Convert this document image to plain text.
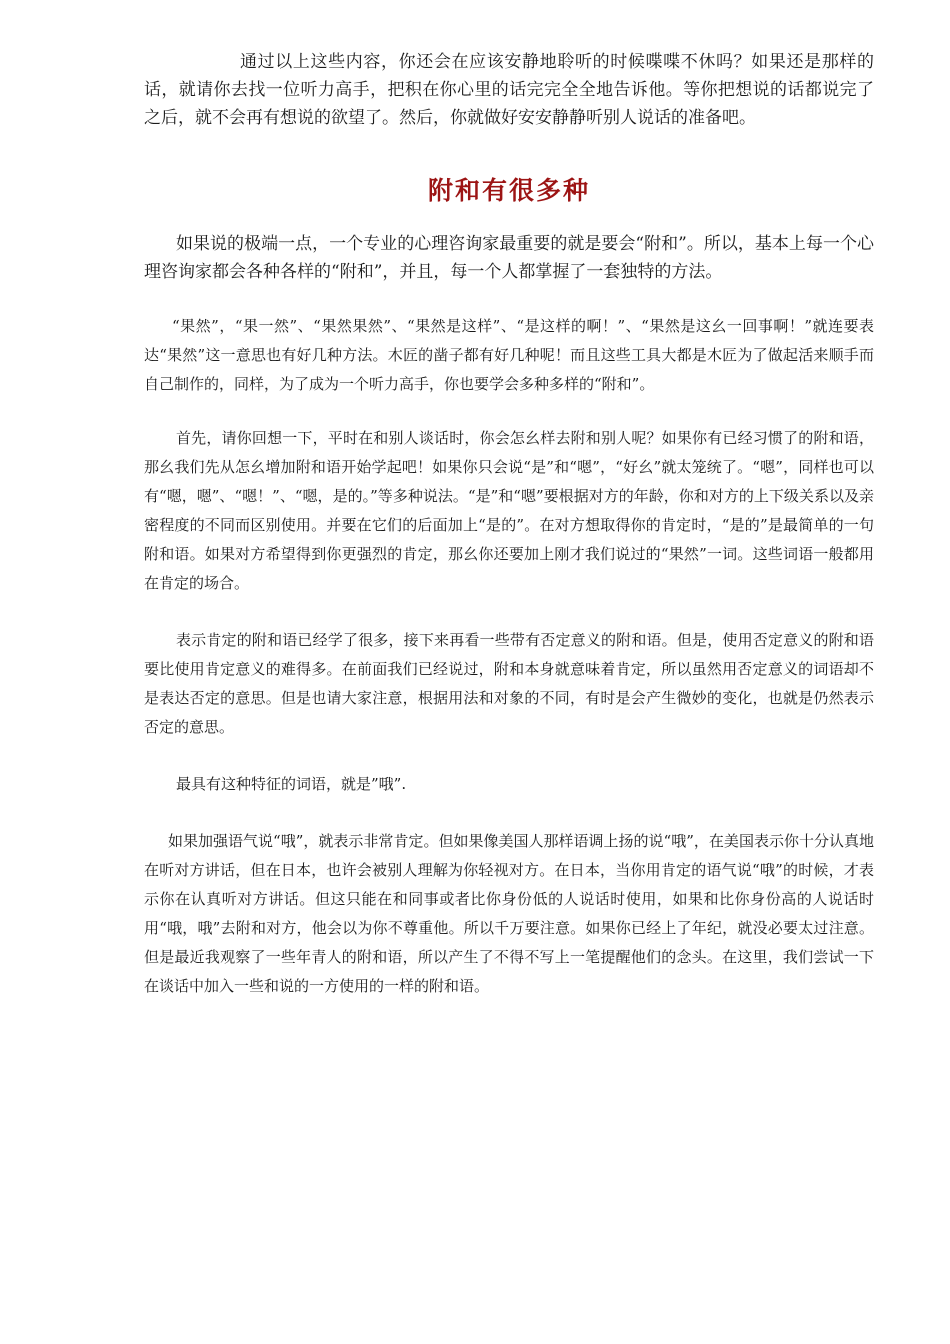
通过以上这些内容，你还会在应该安静地聆听的时候喋喋不休吗？如果还是那样的话，就请你去找一位听力高手，把积在你心里的话完完全全地告诉他。等你把想说的话都说完了之后，就不会再有想说的欲望了。然后，你就做好安安静静听别人说话的准备吧。

附和有很多种

如果说的极端一点，一个专业的心理咨询家最重要的就是要会“附和”。所以，基本上每一个心理咨询家都会各种各样的“附和”，并且，每一个人都掌握了一套独特的方法。

“果然”，“果一然”、“果然果然”、“果然是这样”、“是这样的啊！”、“果然是这幺一回事啊！”就连要表达“果然”这一意思也有好几种方法。木匠的凿子都有好几种呢！而且这些工具大都是木匠为了做起活来顺手而自己制作的，同样，为了成为一个听力高手，你也要学会多种多样的“附和”。

首先，请你回想一下，平时在和别人谈话时，你会怎幺样去附和别人呢？如果你有已经习惯了的附和语，那幺我们先从怎幺增加附和语开始学起吧！如果你只会说“是”和“嗯”，“好幺”就太笼统了。“嗯”，同样也可以有“嗯，嗯”、“嗯！”、“嗯，是的。”等多种说法。“是”和“嗯”要根据对方的年龄，你和对方的上下级关系以及亲密程度的不同而区别使用。并要在它们的后面加上“是的”。在对方想取得你的肯定时，“是的”是最简单的一句附和语。如果对方希望得到你更强烈的肯定，那幺你还要加上刚才我们说过的“果然”一词。这些词语一般都用在肯定的场合。

表示肯定的附和语已经学了很多，接下来再看一些带有否定意义的附和语。但是，使用否定意义的附和语要比使用肯定意义的难得多。在前面我们已经说过，附和本身就意味着肯定，所以虽然用否定意义的词语却不是表达否定的意思。但是也请大家注意，根据用法和对象的不同，有时是会产生微妙的变化，也就是仍然表示否定的意思。

最具有这种特征的词语，就是”哦”.

如果加强语气说“哦”，就表示非常肯定。但如果像美国人那样语调上扬的说“哦”，在美国表示你十分认真地在听对方讲话，但在日本，也许会被别人理解为你轻视对方。在日本，当你用肯定的语气说“哦”的时候，才表示你在认真听对方讲话。但这只能在和同事或者比你身份低的人说话时使用，如果和比你身份高的人说话时用“哦，哦”去附和对方，他会以为你不尊重他。所以千万要注意。如果你已经上了年纪，就没必要太过注意。但是最近我观察了一些年青人的附和语，所以产生了不得不写上一笔提醒他们的念头。在这里，我们尝试一下在谈话中加入一些和说的一方使用的一样的附和语。
